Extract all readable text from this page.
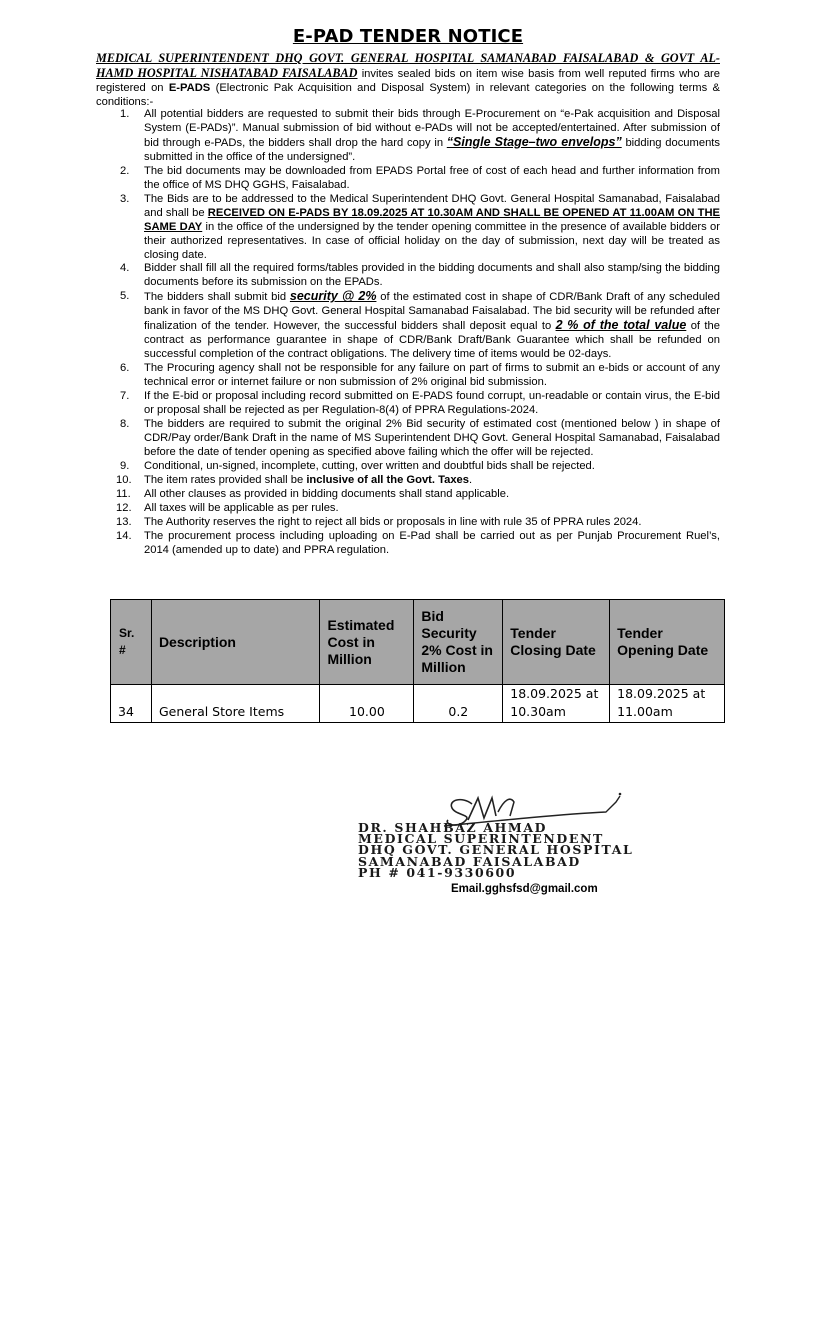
E-PAD TENDER NOTICE

MEDICAL SUPERINTENDENT DHQ GOVT. GENERAL HOSPITAL SAMANABAD FAISALABAD & GOVT AL-HAMD HOSPITAL NISHATABAD FAISALABAD invites sealed bids on item wise basis from well reputed firms who are registered on E-PADS (Electronic Pak Acquisition and Disposal System) in relevant categories on the following terms & conditions:-

1. All potential bidders are requested to submit their bids through E-Procurement on “e-Pak acquisition and Disposal System (E-PADs)”. Manual submission of bid without e-PADs will not be accepted/entertained. After submission of bid through e-PADs, the bidders shall drop the hard copy in “Single Stage–two envelops” bidding documents submitted in the office of the undersigned”.
2. The bid documents may be downloaded from EPADS Portal free of cost of each head and further information from the office of MS DHQ GGHS, Faisalabad.
3. The Bids are to be addressed to the Medical Superintendent DHQ Govt. General Hospital Samanabad, Faisalabad and shall be RECEIVED ON E-PADS BY 18.09.2025 AT 10.30AM AND SHALL BE OPENED AT 11.00AM ON THE SAME DAY in the office of the undersigned by the tender opening committee in the presence of available bidders or their authorized representatives. In case of official holiday on the day of submission, next day will be treated as closing date.
4. Bidder shall fill all the required forms/tables provided in the bidding documents and shall also stamp/sing the bidding documents before its submission on the EPADs.
5. The bidders shall submit bid security @ 2% of the estimated cost in shape of CDR/Bank Draft of any scheduled bank in favor of the MS DHQ Govt. General Hospital Samanabad Faisalabad. The bid security will be refunded after finalization of the tender. However, the successful bidders shall deposit equal to 2 % of the total value of the contract as performance guarantee in shape of CDR/Bank Draft/Bank Guarantee which shall be refunded on successful completion of the contract obligations. The delivery time of items would be 02-days.
6. The Procuring agency shall not be responsible for any failure on part of firms to submit an e-bids or account of any technical error or internet failure or non submission of 2% original bid submission.
7. If the E-bid or proposal including record submitted on E-PADS found corrupt, un-readable or contain virus, the E-bid or proposal shall be rejected as per Regulation-8(4) of PPRA Regulations-2024.
8. The bidders are required to submit the original 2% Bid security of estimated cost (mentioned below ) in shape of CDR/Pay order/Bank Draft in the name of MS Superintendent DHQ Govt. General Hospital Samanabad, Faisalabad before the date of tender opening as specified above failing which the offer will be rejected.
9. Conditional, un-signed, incomplete, cutting, over written and doubtful bids shall be rejected.
10. The item rates provided shall be inclusive of all the Govt. Taxes.
11. All other clauses as provided in bidding documents shall stand applicable.
12. All taxes will be applicable as per rules.
13. The Authority reserves the right to reject all bids or proposals in line with rule 35 of PPRA rules 2024.
14. The procurement process including uploading on E-Pad shall be carried out as per Punjab Procurement Ruel’s, 2014 (amended up to date) and PPRA regulation.
Sr. #	Description	Estimated Cost in Million	Bid Security 2% Cost in Million	Tender Closing Date	Tender Opening Date
34	General Store Items	10.00	0.2	18.09.2025 at 10.30am	18.09.2025 at 11.00am
DR. SHAHBAZ AHMAD
MEDICAL SUPERINTENDENT
DHQ GOVT. GENERAL HOSPITAL
SAMANABAD FAISALABAD
PH # 041-9330600
Email.gghsfsd@gmail.com
